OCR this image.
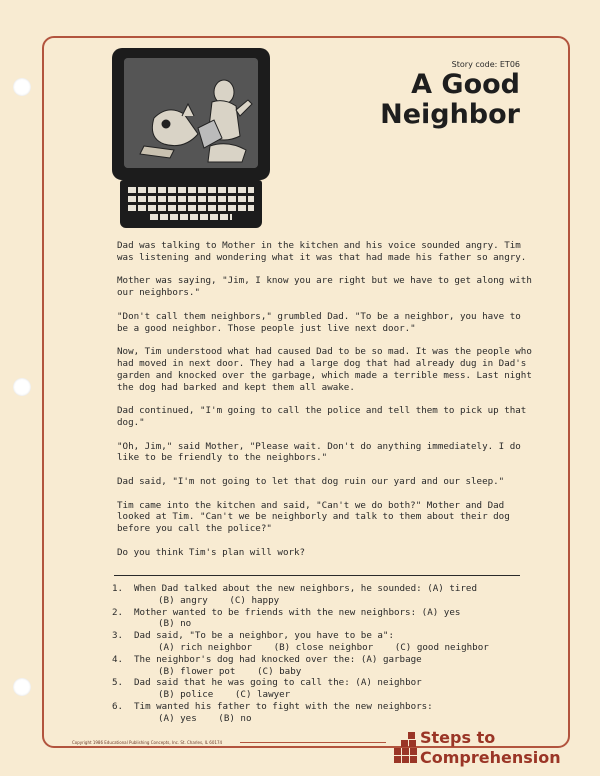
Story code: ET06
A Good
Neighbor

Dad was talking to Mother in the kitchen and his voice sounded angry. Tim was listening and wondering what it was that had made his father so angry.

Mother was saying, "Jim, I know you are right but we have to get along with our neighbors."

"Don't call them neighbors," grumbled Dad. "To be a neighbor, you have to be a good neighbor. Those people just live next door."

Now, Tim understood what had caused Dad to be so mad. It was the people who had moved in next door. They had a large dog that had already dug in Dad's garden and knocked over the garbage, which made a terrible mess. Last night the dog had barked and kept them all awake.

Dad continued, "I'm going to call the police and tell them to pick up that dog."

"Oh, Jim," said Mother, "Please wait. Don't do anything immediately. I do like to be friendly to the neighbors."

Dad said, "I'm not going to let that dog ruin our yard and our sleep."

Tim came into the kitchen and said, "Can't we do both?" Mother and Dad looked at Tim. "Can't we be neighborly and talk to them about their dog before you call the police?"

Do you think Tim's plan will work?

1.	When Dad talked about the new neighbors, he sounded: (A) tired
(B) angry (C) happy
2.	Mother wanted to be friends with the new neighbors: (A) yes
(B) no
3.	Dad said, "To be a neighbor, you have to be a":
(A) rich neighbor (B) close neighbor (C) good neighbor
4.	The neighbor's dog had knocked over the: (A) garbage
(B) flower pot (C) baby
5.	Dad said that he was going to call the: (A) neighbor
(B) police (C) lawyer
6.	Tim wanted his father to fight with the new neighbors:
(A) yes (B) no
Copyright 1986 Educational Publishing Concepts, Inc. St. Charles, IL 60174	Steps to
Comprehension
